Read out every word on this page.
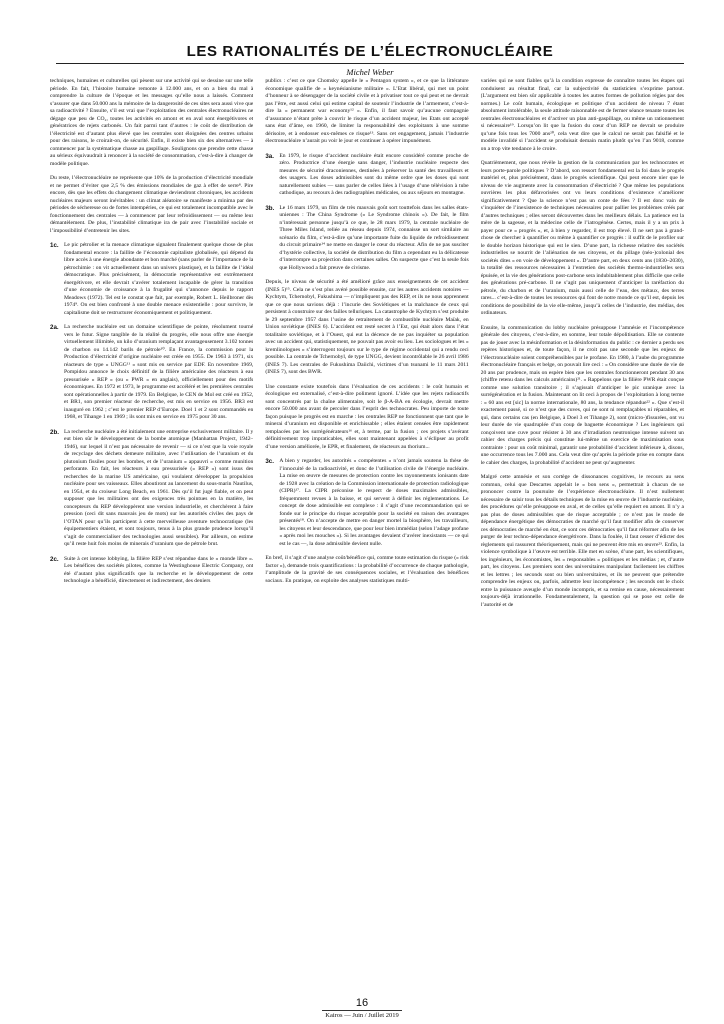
LES RATIONALITÉS DE L’ÉLECTRONUCLÉAIRE
Michel Weber

techniques, humaines et culturelles qui pèsent sur une activité qui se dessine sur une telle période. En fait, l’histoire humaine remonte à 12.000 ans, et on a bien du mal à comprendre la culture de l’époque et les messages qu’elle nous a laissés. Comment s’assurer que dans 50.000 ans la mémoire de la dangerosité de ces sites sera aussi vive que sa radioactivité ? Ensuite, s’il est vrai que l’exploitation des centrales électronucléaires ne dégage que peu de CO₂, toutes les activités en amont et en aval sont énergétivores et génératrices de rejets carbonés. Un fait parmi tant d’autres : le coût de distribution de l’électricité est d’autant plus élevé que les centrales sont éloignées des centres urbains pour des raisons, le croirait-on, de sécurité. Enfin, il existe bien six des alternatives — à commencer par la systématique chasse au gaspillage. Soulignons que prendre cette chasse au sérieux équivaudrait à renoncer à la société de consommation, c’est-à-dire à changer de modèle politique.

Du reste, l’électronucléaire ne représente que 10% de la production d’électricité mondiale et ne permet d’éviter que 2,5 % des émissions mondiales de gaz à effet de serre⁸. Pire encore, dès que les effets du changement climatique deviendront chroniques, les accidents nucléaires majeurs seront inévitables : un climat aléatoire se manifeste a minima par des périodes de sécheresse ou de fortes intempéries, ce qui est totalement incompatible avec le fonctionnement des centrales — à commencer par leur refroidissement — ou même leur démantèlement. De plus, l’instabilité climatique ira de pair avec l’instabilité sociale et l’impossibilité d’entretenir les sites.

1c. Le pic pétrolier et la menace climatique signalent finalement quelque chose de plus fondamental encore : la faillite de l’économie capitaliste globalisée, qui dépend du libre accès à une énergie abondante et bon marché (sans parler de l’importance de la pétrochimie : on vit actuellement dans un univers plastique), et la faillite de l’idéal démocratique. Plus précisément, la démocratie représentative est extrêmement énergétivore, et elle devrait s’avérer totalement incapable de gérer la transition d’une économie de croissance à la frugalité qui s’annonce depuis le rapport Meadows (1972). Tel est le constat que fait, par exemple, Robert L. Heilbroner dès 1974⁹. On est bien confronté à une double menace existentielle : pour survivre, le capitalisme doit se restructurer économiquement et politiquement.
2a. La recherche nucléaire est un domaine scientifique de pointe, résolument tourné vers le futur. Signe tangible de la réalité du progrès, elle nous offre une énergie virtuellement illimitée, un kilo d’uranium remplaçant avantageusement 3.102 tonnes de charbon ou 14.142 barils de pétrole¹⁰. En France, la commission pour la Production d’électricité d’origine nucléaire est créée en 1955. De 1963 à 1971, six réacteurs de type « UNGG¹¹ » sont mis en service par EDF. En novembre 1969, Pompidou annonce le choix définitif de la filière américaine des réacteurs à eau pressurisée « REP » (ou « PWR » en anglais), officiellement pour des motifs économiques. En 1972 et 1973, le programme est accéléré et les premières centrales sont opérationnelles à partir de 1979. En Belgique, le CEN de Mol est créé en 1952, et BR1, son premier réacteur de recherche, est mis en service en 1956. BR3 est inauguré en 1962 ; c’est le premier REP d’Europe. Doel 1 et 2 sont commandés en 1968, et Tihange 1 en 1969 ; ils sont mis en service en 1975 pour 30 ans.
2b. La recherche nucléaire a été initialement une entreprise exclusivement militaire. Il y eut bien sûr le développement de la bombe atomique (Manhattan Project, 1942–1946), sur lequel il n’est pas nécessaire de revenir — si ce n’est que la voie royale de recyclage des déchets demeure militaire, avec l’utilisation de l’uranium et du plutonium fissiles pour les bombes, et de l’uranium « appauvri » comme munition perforante. En fait, les réacteurs à eau pressurisée (« REP ») sont issus des recherches de la marine US américaine, qui voulaient développer la propulsion nucléaire pour ses vaisseaux. Elles aboutiront au lancement du sous-marin Nautilus, en 1954, et du croiseur Long Beach, en 1961. Dès qu’il fut jugé fiable, et on peut supposer que les militaires ont des exigences très pointues en la matière, les concepteurs du REP développèrent une version industrielle, et cherchèrent à faire pression (ceci dit sans mauvais jeu de mots) sur les autorités civiles des pays de l’OTAN pour qu’ils participent à cette merveilleuse aventure technocratique (les équipementiers étaient, et sont toujours, tenus à la plus grande prudence lorsqu’il s’agit de commercialiser des technologies aussi sensibles). Par ailleurs, on estime qu’il reste huit fois moins de minerais d’uranium que de pétrole brut.
2c. Suite à cet intense lobbying, la filière REP s’est répandue dans le « monde libre ». Les bénéfices des sociétés pilotes, comme la Westinghouse Electric Company, ont été d’autant plus significatifs que la recherche et le développement de cette technologie a bénéficié, directement et indirectement, des deniers

publics : c’est ce que Chomsky appelle le « Pentagon system », et ce que la littérature économique qualifie de « keynésianisme militaire ». L’Etat libéral, qui met un point d’honneur à se désengager de la société civile et à privatiser tout ce qui peut et ne devrait pas l’être, est aussi celui qui estime capital de soutenir l’industrie de l’armement, c’est-à-dire la « permanent war economy¹² ». Enfin, il faut savoir qu’aucune compagnie d’assurance n’étant prête à couvrir le risque d’un accident majeur, les Etats ont accepté sans état d’âme, en 1960, de limiter la responsabilité des exploitants à une somme dérisoire, et à endosser eux-mêmes ce risque¹³. Sans cet engagement, jamais l’industrie électronucléaire n’aurait pu voir le jour et continuer à opérer impunément.

3a. En 1979, le risque d’accident nucléaire était encore considéré comme proche de zéro. Productrice d’une énergie sans danger, l’industrie nucléaire respecte des mesures de sécurité draconiennes, destinées à préserver la santé des travailleurs et des usagers. Les doses admissibles sont du même ordre que les doses qui sont naturellement subies — sans parler de celles liées à l’usage d’une télévision à tube cathodique, au recours à des radiographies médicales, ou aux séjours en montagne.
3b. Le 16 mars 1979, un film de très mauvais goût sort touttefois dans les salles états-uniennes : The China Syndrome (« Le Syndrome chinois »). De fait, le film n’intéressait personne jusqu’à ce que, le 28 mars 1979, la centrale nucléaire de Three Miles Island, reliée au réseau depuis 1974, connaisse un sort similaire au scénario du film, c’est-à-dire qu’une importante fuite du liquide de refroidissement du circuit primaire¹⁴ ne mette en danger le cœur du réacteur. Afin de ne pas susciter d’hystérie collective, la société de distribution du film a cependant eu la délicatesse d’interrompre sa projection dans certaines salles. On suspecte que c’est la seule fois que Hollywood a fait preuve de civisme.

Depuis, le niveau de sécurité a été amélioré grâce aux enseignements de cet accident (INES 5)¹⁵. Cela ne s’est plus avéré possible ensuite, car les autres accidents notoires — Kychtym, Tchernobyl, Fukushima — n’impliquent pas des REP, et ils ne nous apprennent que ce que nous savions déjà : l’incurie des Soviétiques et la malchance de ceux qui persistent à construire sur des failles telluriques. La catastrophe de Kychtym s’est produite le 29 septembre 1957 dans l’usine de retraitement de combustible nucléaire Maïak, en Union soviétique (INES 6). L’accident est resté secret à l’Est, qui était alors dans l’état totalitaire soviétique, et à l’Ouest, qui eut la décence de ne pas inquiéter sa population avec un accident qui, statistiquement, ne pouvait pas avoir eu lieu. Les sociologues et les « kremlinologues » s’interrogent toujours sur le type de régime occidental qui a rendu ceci possible. La centrale de Tchernobyl, de type UNGG, devient incontrôlable le 26 avril 1986 (INES 7). Les centrales de Fukushima Daiichi, victimes d’un tsunami le 11 mars 2011 (INES 7), sont des BWR.

Une constante existe toutefois dans l’évaluation de ces accidents : le coût humain et écologique est externalisé, c’est-à-dire poliment ignoré. L’idée que les rejets radioactifs sont concentrés par la chaîne alimentaire, soit le β-A-BA en écologie, devrait mettre encore 50.000 ans avant de percoler dans l’esprit des technocrates. Peu importe de toute façon puisque le progrès est en marche : les centrales REP ne fonctionnent que tant que le minerai d’uranium est disponible et enrichissable ; elles étaient censées être rapidement remplacées par les surrégénérateurs¹⁶ et, à terme, par la fusion ; ces projets s’avérant définitivement trop impraticables, elles sont maintenant appelées à s’éclipser au profit d’une version améliorée, le EPR, et finalement, de réacteurs au thorium...

3c. A bien y regarder, les autorités « compétentes » n’ont jamais soutenu la thèse de l’innocuité de la radioactivité, et donc de l’utilisation civile de l’énergie nucléaire. La mise en œuvre de mesures de protection contre les rayonnements ionisants date de 1928 avec la création de la Commission internationale de protection radiologique (CIPR)¹⁷. La CIPR préconise le respect de doses maximales admissibles, fréquemment revues à la baisse, et qui servent à définir les réglementations. Le concept de dose admissible est complexe : il s’agit d’une recommandation qui se fonde sur le principe du risque acceptable pour la société en raison des avantages présentés¹⁸. On n’accepte de mettre en danger mortel la biosphère, les travailleurs, les citoyens et leur descendance, que pour leur bien immédiat (selon l’adage profane « après moi les mouches »). Si les avantages devaient d’avérer inexistants — ce qui est le cas —, la dose admissible devient nulle.

En bref, il s’agit d’une analyse coût/bénéfice qui, comme toute estimation du risque (« risk factor »), demande trois quantifications : la probabilité d’occurrence de chaque pathologie, l’amplitude de la gravité de ses conséquences sociales, et l’évaluation des bénéfices sociaux. En pratique, on exploite des analyses statistiques multi-

variées qui ne sont fiables qu’à la condition expresse de connaître toutes les étapes qui conduisent au résultat final, car la subjectivité du statisticien s’exprime partout. (L’argument est bien sûr applicable à toutes les autres formes de pollution régies par des normes.) Le coût humain, écologique et politique d’un accident de niveau 7 étant absolument intolérable, la seule attitude raisonnable est de fermer séance tenante toutes les centrales électronucléaires et d’activer un plan anti-gaspillage, ou même un rationnement si nécessaire¹⁹. Lorsqu’on lit que la fusion du cœur d’un REP ne devrait se produire qu’une fois tous les 7000 ans²⁰, cela veut dire que le calcul ne serait pas falsifié et le modèle invalidé si l’accident se produisait demain matin plutôt qu’en l’an 9018, comme on a trop vite tendance à le croire.

Quatrièmement, que nous révèle la gestion de la communication par les technocrates et leurs porte-parole politiques ? D’abord, son ressort fondamental est la foi dans le progrès matériel et, plus précisément, dans le progrès scientifique. Qui peut encore nier que le niveau de vie augmente avec la consommation d’électricité ? Que même les populations ouvrières les plus défavorisées ont vu leurs conditions d’existence s’améliorer significativement ? Que la science n’est pas un conte de fées ? Il est donc vain de s’inquiéter de l’inexistence de techniques nécessaires pour pallier les problèmes créés par d’autres techniques ; elles seront découvertes dans les meilleurs délais. La patience est la mère de la sagesse, et la médecine celle de l’iatrogénèse. Certes, mais il y a un prix à payer pour ce « progrès », et, à bien y regarder, il est trop élevé. Il ne sert pas à grand-chose de chercher à quantifier ou même à quantifier ce progrès : il suffit de le profiler sur le double horizon historique qui est le sien. D’une part, la richesse relative des sociétés industrielles se nourrit de l’aliénation de ses citoyens, et du pillage (néo-)colonial des sociétés dites « en voie de développement ». D’autre part, en deux cents ans (1830–2030), la totalité des ressources nécessaires à l’entretien des sociétés thermo-industrielles sera épuisée, et la vie des générations post-carbone sera indubitablement plus difficile que celle des générations pré-carbone. Il ne s’agit pas uniquement d’anticiper la raréfaction du pétrole, du charbon et de l’uranium, mais aussi celle de l’eau, des métaux, des terres rares... c’est-à-dire de toutes les ressources qui font de notre monde ce qu’il est, depuis les conditions de possibilité de la vie elle-même, jusqu’à celles de l’industrie, des médias, des ordinateurs.

Ensuite, la communication du lobby nucléaire présuppose l’amnésie et l’incompétence générale des citoyens, c’est-à-dire, en somme, leur totale dépolitisation. Elle se contente pas de jouer avec la mésinformation et la désinformation du public : ce dernier a perdu ses repères historiques et, de toute façon, il ne croit pas une seconde que les enjeux de l’électronucléaire soient compréhensibles par le profane. En 1980, à l’aube du programme électronucléaire français et belge, on pouvait lire ceci : « On considère une durée de vie de 20 ans par prudence, mais on espère bien que les centrales fonctionneront pendant 30 ans (chiffre retenu dans les calculs américains)²¹. » Rappelons que la filière PWR était conçue comme une solution transitoire ; il s’agissait d’anticiper le pic uranique avec la surrégénération et la fusion. Maintenant on lit ceci à propos de l’exploitation à long terme : « 60 ans est [sic] la norme internationale, 80 ans, la tendance répandue²² ». Que s’est-il exactement passé, si ce n’est que des cuves, qui ne sont ni remplaçables ni réparables, et qui, dans certains cas (en Belgique, à Doel 3 et Tihange 2), sont (micro-)fissurées, ont vu leur durée de vie quadruplée d’un coup de baguette économique ? Les ingénieurs qui conçoivent une cuve pour résister à 30 ans d’irradiation neutronique intense suivent un cahier des charges précis qui constitue lui-même un exercice de maximisation sous contrainte : pour un coût minimal, garantir une probabilité d’accident inférieure à, disons, une occurrence tous les 7.000 ans. Cela veut dire qu’après la période prise en compte dans le cahier des charges, la probabilité d’accident ne peut qu’augmenter.

Malgré cette amnésie et son cortège de dissonances cognitives, le recours au sens commun, celui que Descartes appelait le « bon sens », permettrait à chacun de se prononcer contre la poursuite de l’expérience électronucléaire. Il n’est nullement nécessaire de saisir tous les détails techniques de la mise en œuvre de l’industrie nucléaire, des procédures qu’elle présuppose en aval, et de celles qu’elle requiert en amont. Il n’y a pas plus de doses admissibles que de risque acceptable ; ce n’est pas le mode de dépendance énergétique des démocraties de marché qu’il faut modifier afin de conserver ces démocraties de marché en état, ce sont ces démocraties qu’il faut réformer afin de les purger de leur techno-dépendance énergétivore. Dans la foulée, il faut cesser d’édicter des règlements qui rassurent théoriquement, mais qui ne peuvent être mis en œuvre²³. Enfin, la violence symbolique à l’œuvre est terrible. Elle met en scène, d’une part, les scientifiques, les ingénieurs, les économistes, les « responsables » politiques et les médias ; et, d’autre part, les citoyens. Les premiers sont des universitaires manipulant facilement les chiffres et les lettres ; les seconds sont ou bien universitaires, et ils ne peuvent que prétendre comprendre les enjeux ou, parfois, admettre leur incompétence ; les seconds ont le choix entre la puissance aveugle d’un monde incompris, et sa remise en cause, nécessairement toujours-déjà irrationnelle. Fondamentalement, la question qui se pose est celle de l’autorité et de

16
Kairos — Juin / Juillet 2019
